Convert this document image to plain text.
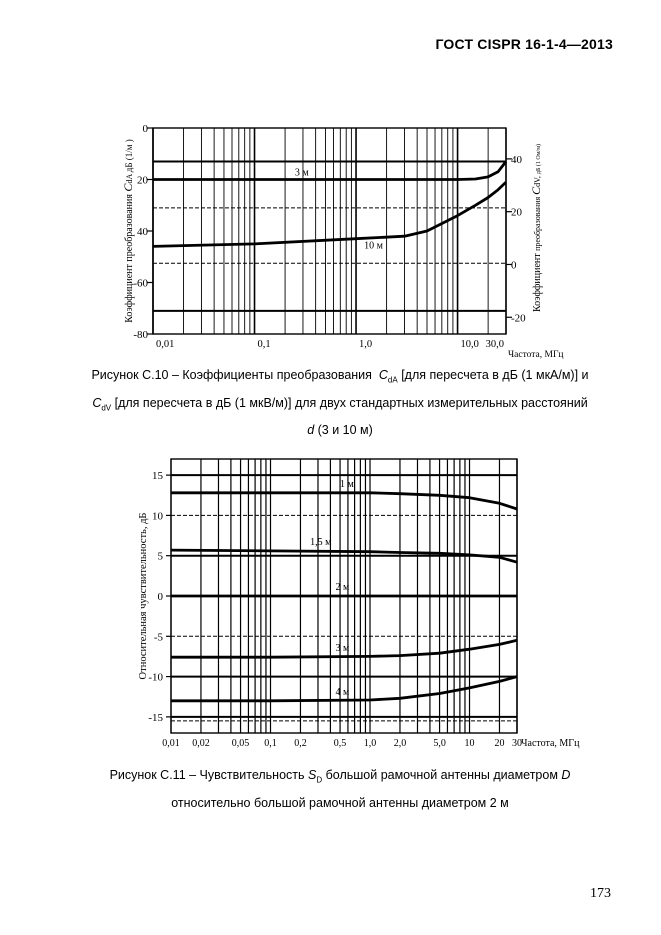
ГОСТ CISPR 16-1-4—2013
0
20
40
-60
-80
40
20
0
-20
0,01	0,1	1,0	10,0 30,0
Частота, МГц
Коэффициент преобразования CdA дБ (1/м )
Коэффициент преобразования CdV, дБ (1 Ом/м)
3 м
10 м
15
10
5
0
-5
-10
-15
0,01 0,02 0,05 0,1 0,2	0,5 1,0 2,0	5,0 10 20 30 Частота, МГц
Относительная чувствительность, дБ
1 м
1,5 м
2 м
3 м
4 м
Рисунок С.10 – Коэффициенты преобразования $C_{dA}$ [для пересчета в дБ (1 мкА/м)] и
$C_{dV}$ [для пересчета в дБ (1 мкВ/м)] для двух стандартных измерительных расстояний
d (3 и 10 м)
Рисунок С.11 – Чувствительность $S_D$ большой рамочной антенны диаметром D
относительно большой рамочной антенны диаметром 2 м
173
